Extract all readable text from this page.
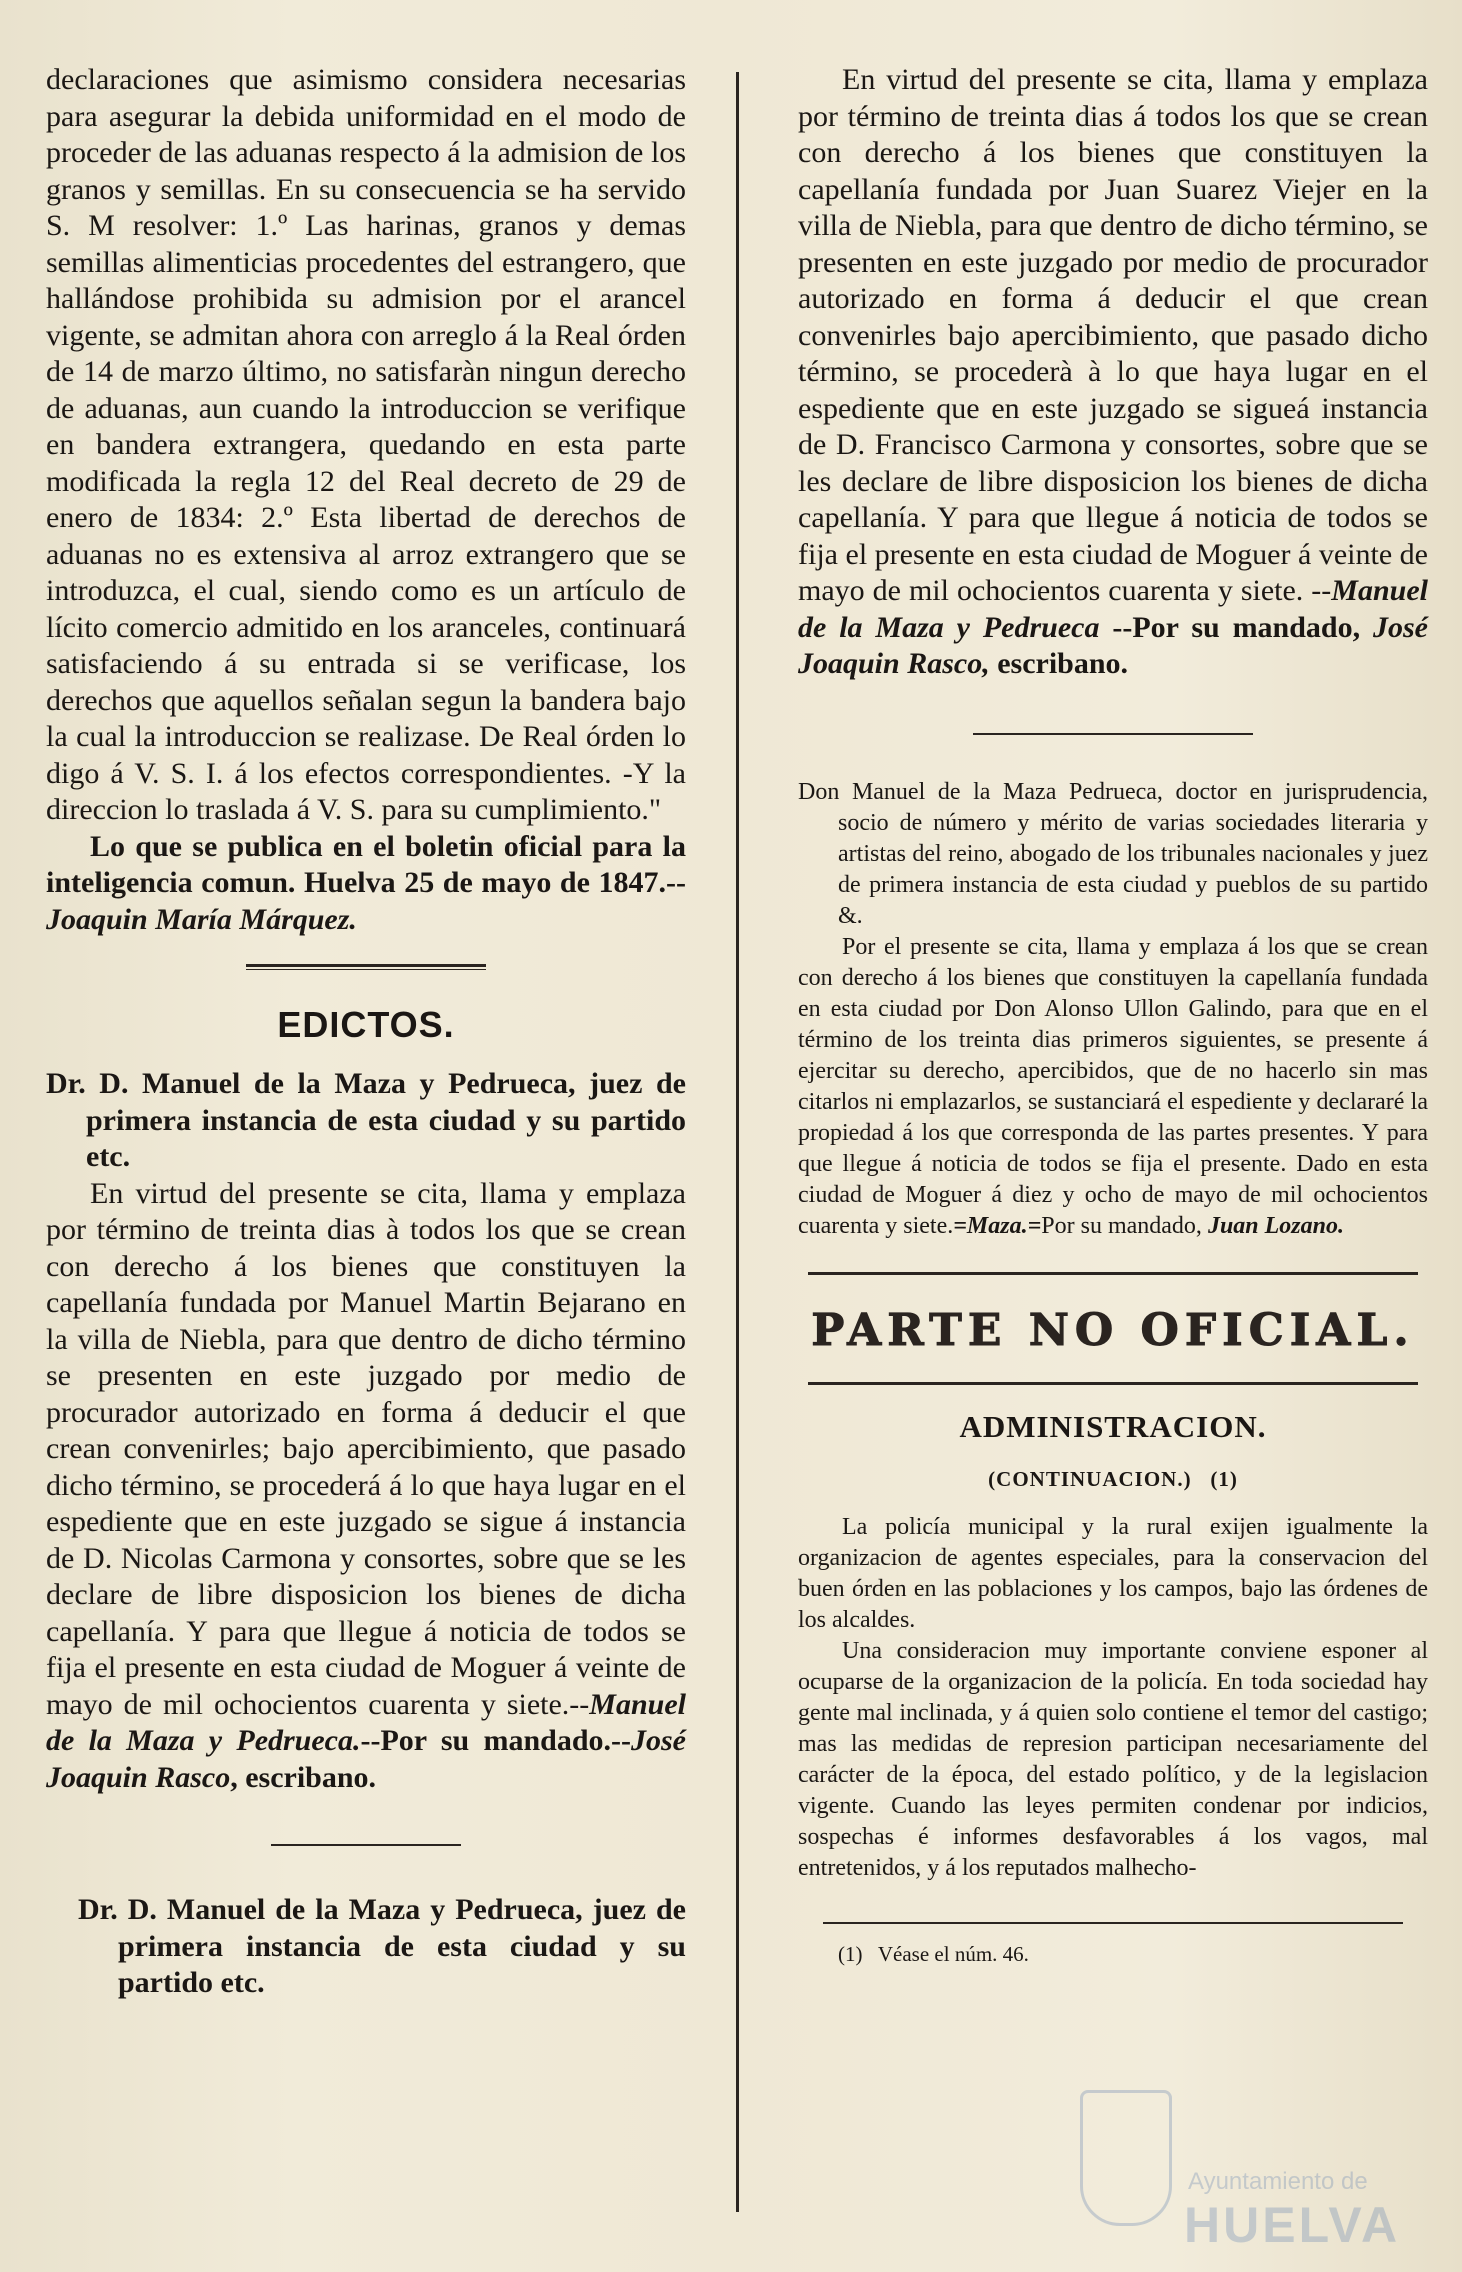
declaraciones que asimismo considera necesarias para asegurar la debida uniformidad en el modo de proceder de las aduanas respecto á la admision de los granos y semillas. En su consecuencia se ha servido S. M resolver: 1.º Las harinas, granos y demas semillas alimenticias procedentes del estrangero, que hallándose prohibida su admision por el arancel vigente, se admitan ahora con arreglo á la Real órden de 14 de marzo último, no satisfaràn ningun derecho de aduanas, aun cuando la introduccion se verifique en bandera extrangera, quedando en esta parte modificada la regla 12 del Real decreto de 29 de enero de 1834: 2.º Esta libertad de derechos de aduanas no es extensiva al arroz extrangero que se introduzca, el cual, siendo como es un artículo de lícito comercio admitido en los aranceles, continuará satisfaciendo á su entrada si se verificase, los derechos que aquellos señalan segun la bandera bajo la cual la introduccion se realizase. De Real órden lo digo á V. S. I. á los efectos correspondientes. -Y la direccion lo traslada á V. S. para su cumplimiento."

Lo que se publica en el boletin oficial para la inteligencia comun. Huelva 25 de mayo de 1847.--Joaquin María Márquez.

EDICTOS.

Dr. D. Manuel de la Maza y Pedrueca, juez de primera instancia de esta ciudad y su partido etc.

En virtud del presente se cita, llama y emplaza por término de treinta dias à todos los que se crean con derecho á los bienes que constituyen la capellanía fundada por Manuel Martin Bejarano en la villa de Niebla, para que dentro de dicho término se presenten en este juzgado por medio de procurador autorizado en forma á deducir el que crean convenirles; bajo apercibimiento, que pasado dicho término, se procederá á lo que haya lugar en el espediente que en este juzgado se sigue á instancia de D. Nicolas Carmona y consortes, sobre que se les declare de libre disposicion los bienes de dicha capellanía. Y para que llegue á noticia de todos se fija el presente en esta ciudad de Moguer á veinte de mayo de mil ochocientos cuarenta y siete.--Manuel de la Maza y Pedrueca.--Por su mandado.--José Joaquin Rasco, escribano.

Dr. D. Manuel de la Maza y Pedrueca, juez de primera instancia de esta ciudad y su partido etc.

En virtud del presente se cita, llama y emplaza por término de treinta dias á todos los que se crean con derecho á los bienes que constituyen la capellanía fundada por Juan Suarez Viejer en la villa de Niebla, para que dentro de dicho término, se presenten en este juzgado por medio de procurador autorizado en forma á deducir el que crean convenirles bajo apercibimiento, que pasado dicho término, se procederà à lo que haya lugar en el espediente que en este juzgado se sigueá instancia de D. Francisco Carmona y consortes, sobre que se les declare de libre disposicion los bienes de dicha capellanía. Y para que llegue á noticia de todos se fija el presente en esta ciudad de Moguer á veinte de mayo de mil ochocientos cuarenta y siete. --Manuel de la Maza y Pedrueca --Por su mandado, José Joaquin Rasco, escribano.

Don Manuel de la Maza Pedrueca, doctor en jurisprudencia, socio de número y mérito de varias sociedades literaria y artistas del reino, abogado de los tribunales nacionales y juez de primera instancia de esta ciudad y pueblos de su partido &.

Por el presente se cita, llama y emplaza á los que se crean con derecho á los bienes que constituyen la capellanía fundada en esta ciudad por Don Alonso Ullon Galindo, para que en el término de los treinta dias primeros siguientes, se presente á ejercitar su derecho, apercibidos, que de no hacerlo sin mas citarlos ni emplazarlos, se sustanciará el espediente y declararé la propiedad á los que corresponda de las partes presentes. Y para que llegue á noticia de todos se fija el presente. Dado en esta ciudad de Moguer á diez y ocho de mayo de mil ochocientos cuarenta y siete.=Maza.=Por su mandado, Juan Lozano.

PARTE NO OFICIAL.
ADMINISTRACION.
(CONTINUACION.)   (1)

La policía municipal y la rural exijen igualmente la organizacion de agentes especiales, para la conservacion del buen órden en las poblaciones y los campos, bajo las órdenes de los alcaldes.

Una consideracion muy importante conviene esponer al ocuparse de la organizacion de la policía. En toda sociedad hay gente mal inclinada, y á quien solo contiene el temor del castigo; mas las medidas de represion participan necesariamente del carácter de la época, del estado político, y de la legislacion vigente. Cuando las leyes permiten condenar por indicios, sospechas é informes desfavorables á los vagos, mal entretenidos, y á los reputados malhecho-

(1)   Véase el núm. 46.
Ayuntamiento de
HUELVA
